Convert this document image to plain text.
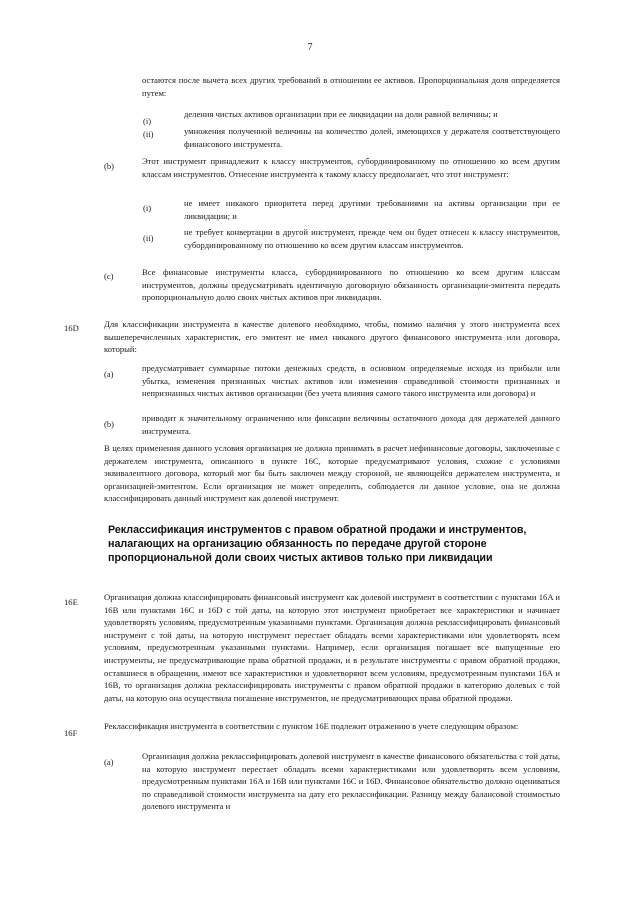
7

остаются после вычета всех других требований в отношении ее активов. Пропорциональная доля определяется путем:

(i)

деления чистых активов организации при ее ликвидации на доли равной величины; и

(ii)	умножения полученной величины на количество долей, имеющихся у держателя соответствующего финансового инструмента.

(b)	Этот инструмент принадлежит к классу инструментов, субординированному по отношению ко всем другим классам инструментов. Отнесение инструмента к такому классу предполагает, что этот инструмент:

(i)	не имеет никакого приоритета перед другими требованиями на активы организации при ее ликвидации; и

(ii)

не требует конвертации в другой инструмент, прежде чем он будет отнесен к классу инструментов, субординированному по отношению ко всем другим классам инструментов.

(c)	Все финансовые инструменты класса, субординированного по отношению ко всем другим классам инструментов, должны предусматривать идентичную договорную обязанность организации-эмитента передать пропорциональную долю своих чистых активов при ликвидации.

16D	Для классификации инструмента в качестве долевого необходимо, чтобы, помимо наличия у этого инструмента всех вышеперечисленных характеристик, его эмитент не имел никакого другого финансового инструмента или договора, который:

(a)

предусматривает суммарные потоки денежных средств, в основном определяемые исходя из прибыли или убытка, изменения признанных чистых активов или изменения справедливой стоимости признанных и непризнанных чистых активов организации (без учета влияния самого такого инструмента или договора) и

(b)

приводит к значительному ограничению или фиксации величины остаточного дохода для держателей данного инструмента.

В целях применения данного условия организация не должна принимать в расчет нефинансовые договоры, заключенные с держателем инструмента, описанного в пункте 16C, которые предусматривают условия, схожие с условиями эквивалентного договора, который мог бы быть заключен между стороной, не являющейся держателем инструмента, и организацией-эмитентом. Если организация не может определить, соблюдается ли данное условие, она не должна классифицировать данный инструмент как долевой инструмент.

Реклассификация инструментов с правом обратной продажи и инструментов, налагающих на организацию обязанность по передаче другой стороне пропорциональной доли своих чистых активов только при ликвидации
16E	Организация должна классифицировать финансовый инструмент как долевой инструмент в соответствии с пунктами 16A и 16B или пунктами 16C и 16D с той даты, на которую этот инструмент приобретает все характеристики и начинает удовлетворять условиям, предусмотренным указанными пунктами. Организация должна реклассифицировать финансовый инструмент с той даты, на которую инструмент перестает обладать всеми характеристиками или удовлетворять всем условиям, предусмотренным указанными пунктами. Например, если организация погашает все выпущенные ею инструменты, не предусматривающие права обратной продажи, и в результате инструменты с правом обратной продажи, оставшиеся в обращении, имеют все характеристики и удовлетворяют всем условиям, предусмотренным пунктами 16A и 16B, то организация должна реклассифицировать инструменты с правом обратной продажи в категорию долевых с той даты, на которую она осуществила погашение инструментов, не предусматривающих права обратной продажи.

16F

Реклассификация инструмента в соответствии с пунктом 16E подлежит отражению в учете следующим образом:

(a)

Организация должна реклассифицировать долевой инструмент в качестве финансового обязательства с той даты, на которую инструмент перестает обладать всеми характеристиками или удовлетворять всем условиям, предусмотренным пунктами 16A и 16B или пунктами 16C и 16D. Финансовое обязательство должно оцениваться по справедливой стоимости инструмента на дату его реклассификации. Разницу между балансовой стоимостью долевого инструмента и
